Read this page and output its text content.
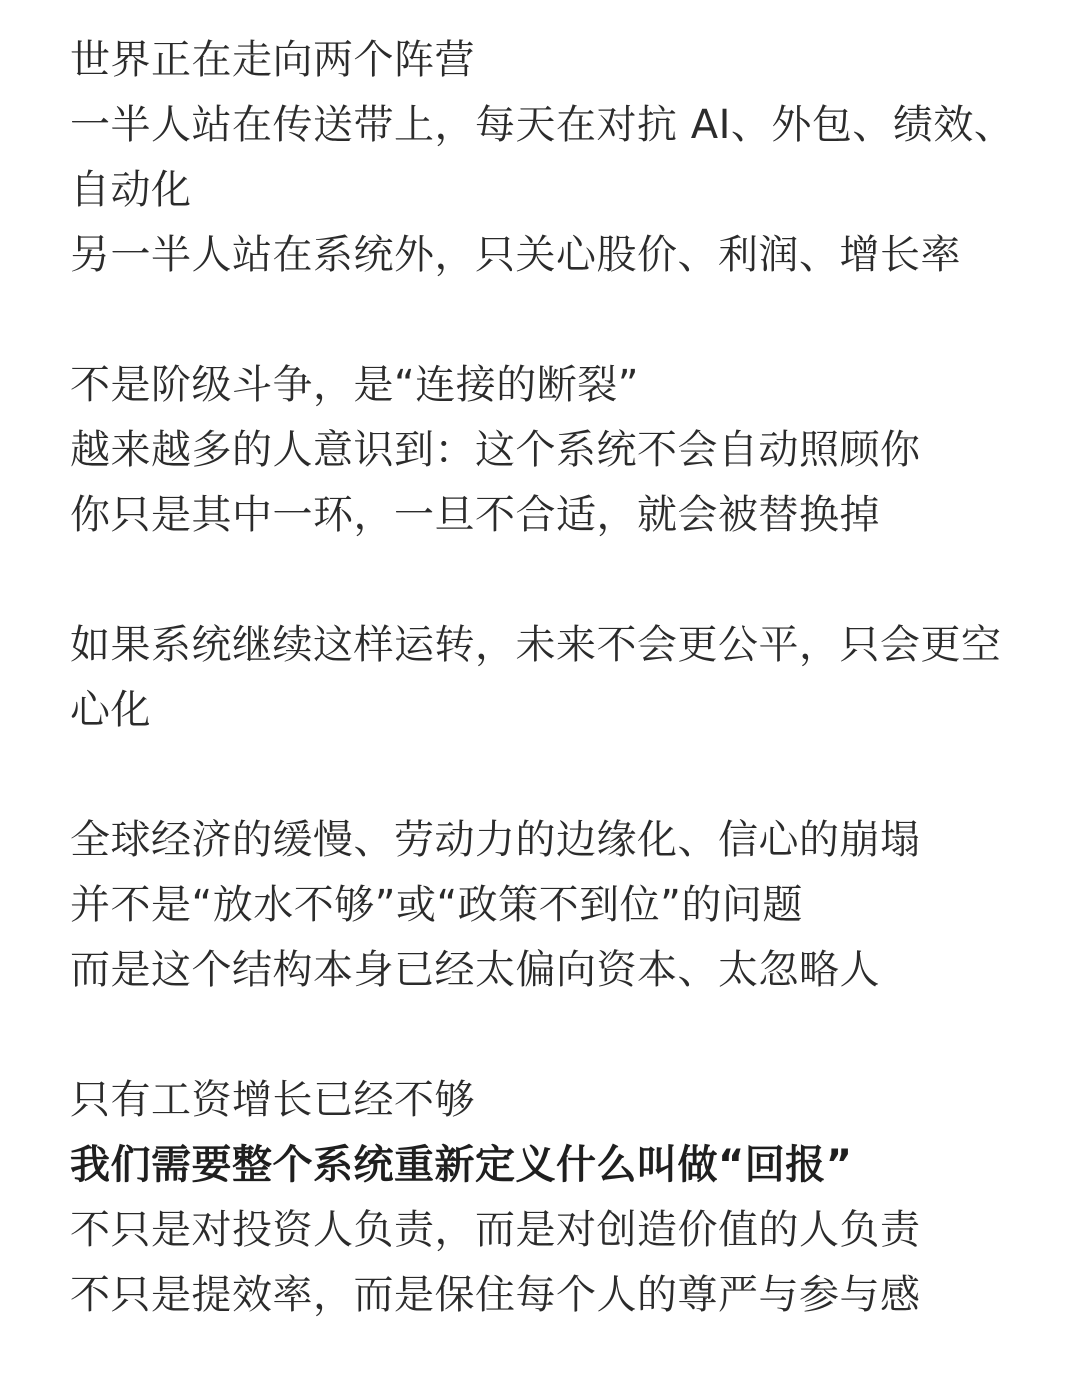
世界正在走向两个阵营
一半人站在传送带上，每天在对抗 AI、外包、绩效、自动化
另一半人站在系统外，只关心股价、利润、增长率
不是阶级斗争，是“连接的断裂”
越来越多的人意识到：这个系统不会自动照顾你
你只是其中一环，一旦不合适，就会被替换掉
如果系统继续这样运转，未来不会更公平，只会更空心化
全球经济的缓慢、劳动力的边缘化、信心的崩塌
并不是“放水不够”或“政策不到位”的问题
而是这个结构本身已经太偏向资本、太忽略人
只有工资增长已经不够
我们需要整个系统重新定义什么叫做“回报”
不只是对投资人负责，而是对创造价值的人负责
不只是提效率，而是保住每个人的尊严与参与感
